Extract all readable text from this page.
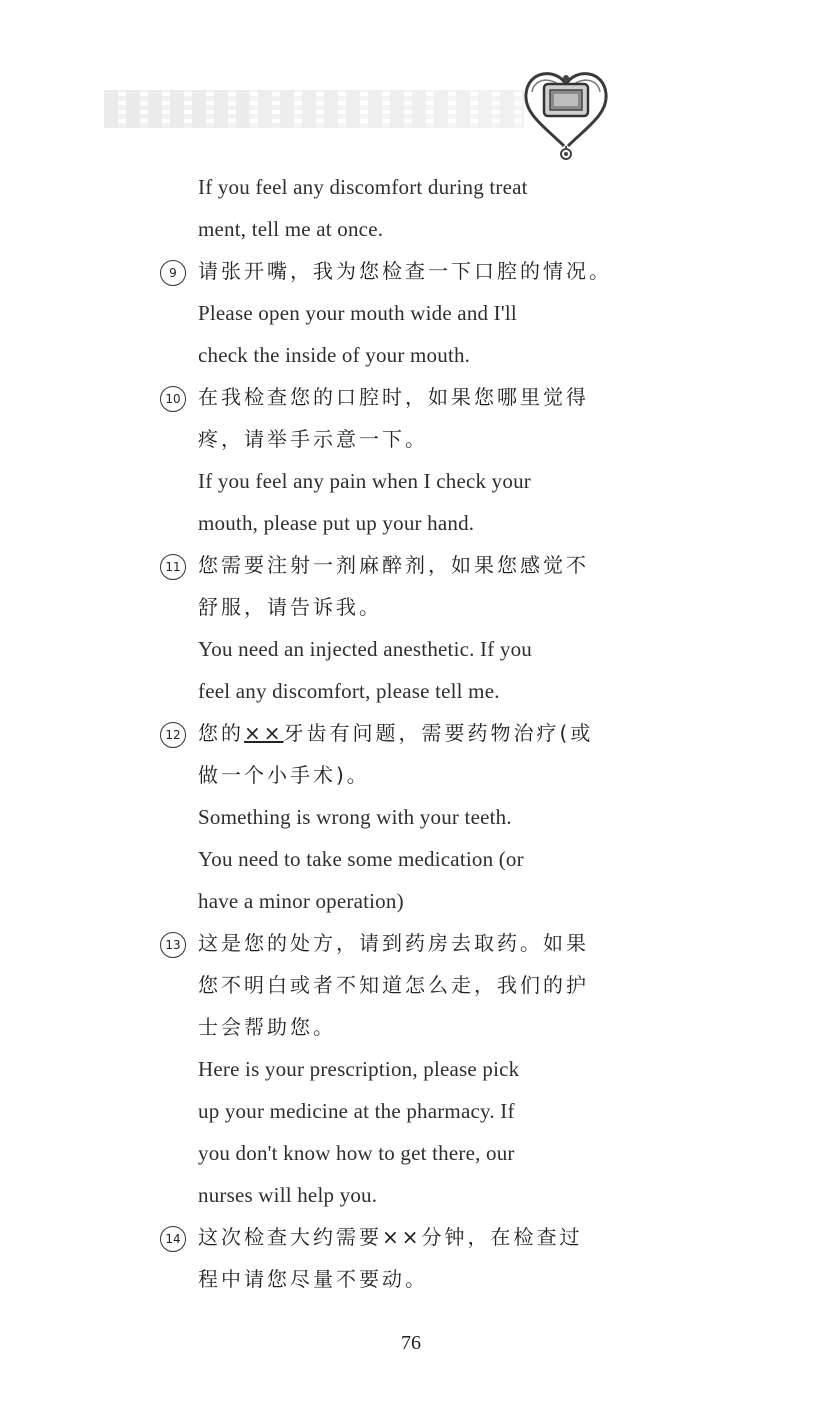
If you feel any discomfort during treat
ment, tell me at once.
9 请张开嘴，我为您检查一下口腔的情况。
Please open your mouth wide and I'll
check the inside of your mouth.
10 在我检查您的口腔时，如果您哪里觉得
疼，请举手示意一下。
If you feel any pain when I check your
mouth, please put up your hand.
11 您需要注射一剂麻醉剂，如果您感觉不
舒服，请告诉我。
You need an injected anesthetic. If you
feel any discomfort, please tell me.
12 您的××牙齿有问题，需要药物治疗(或
做一个小手术)。
Something is wrong with your teeth.
You need to take some medication (or
have a minor operation)
13 这是您的处方，请到药房去取药。如果
您不明白或者不知道怎么走，我们的护
士会帮助您。
Here is your prescription, please pick
up your medicine at the pharmacy. If
you don't know how to get there, our
nurses will help you.
14 这次检查大约需要××分钟，在检查过
程中请您尽量不要动。
76
